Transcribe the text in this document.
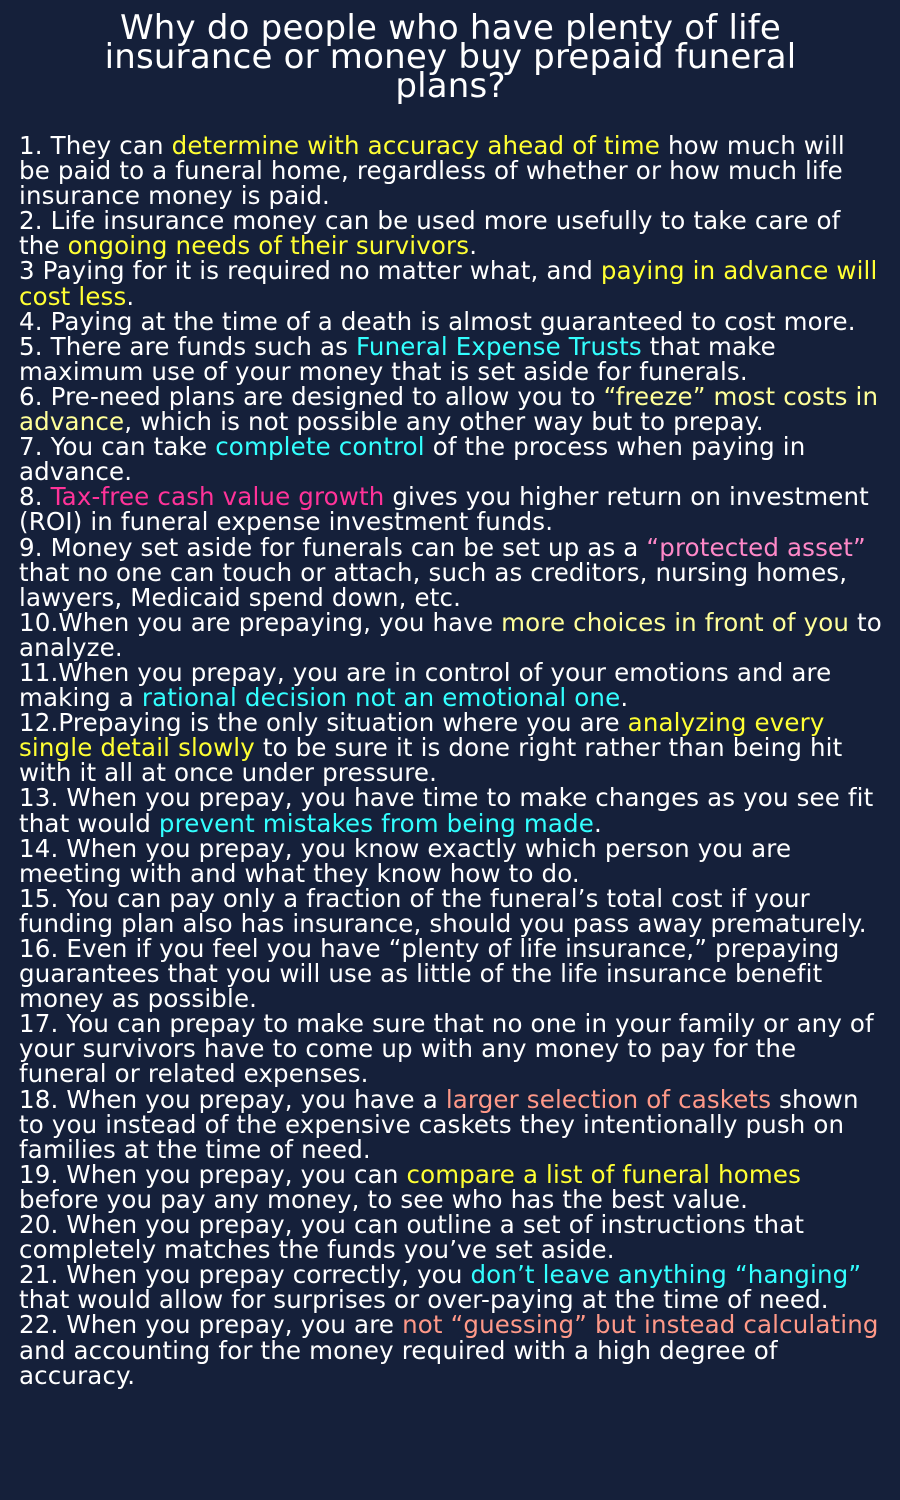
Why do people who have plenty of life insurance or money buy prepaid funeral plans?
1. They can determine with accuracy ahead of time how much will be paid to a funeral home, regardless of whether or how much life insurance money is paid.
2. Life insurance money can be used more usefully to take care of the ongoing needs of their survivors.
3 Paying for it is required no matter what, and paying in advance will cost less.
4. Paying at the time of a death is almost guaranteed to cost more.
5. There are funds such as Funeral Expense Trusts that make maximum use of your money that is set aside for funerals.
6. Pre-need plans are designed to allow you to “freeze” most costs in advance, which is not possible any other way but to prepay.
7. You can take complete control of the process when paying in advance.
8. Tax-free cash value growth gives you higher return on investment (ROI) in funeral expense investment funds.
9. Money set aside for funerals can be set up as a “protected asset” that no one can touch or attach, such as creditors, nursing homes, lawyers, Medicaid spend down, etc.
10.When you are prepaying, you have more choices in front of you to analyze.
11.When you prepay, you are in control of your emotions and are making a rational decision not an emotional one.
12.Prepaying is the only situation where you are analyzing every single detail slowly to be sure it is done right rather than being hit with it all at once under pressure.
13. When you prepay, you have time to make changes as you see fit that would prevent mistakes from being made.
14. When you prepay, you know exactly which person you are meeting with and what they know how to do.
15. You can pay only a fraction of the funeral’s total cost if your funding plan also has insurance, should you pass away prematurely.
16. Even if you feel you have “plenty of life insurance,” prepaying guarantees that you will use as little of the life insurance benefit money as possible.
17. You can prepay to make sure that no one in your family or any of your survivors have to come up with any money to pay for the funeral or related expenses.
18. When you prepay, you have a larger selection of caskets shown to you instead of the expensive caskets they intentionally push on families at the time of need.
19. When you prepay, you can compare a list of funeral homes before you pay any money, to see who has the best value.
20. When you prepay, you can outline a set of instructions that completely matches the funds you’ve set aside.
21. When you prepay correctly, you don’t leave anything “hanging” that would allow for surprises or over-paying at the time of need.
22. When you prepay, you are not “guessing” but instead calculating and accounting for the money required with a high degree of accuracy.
